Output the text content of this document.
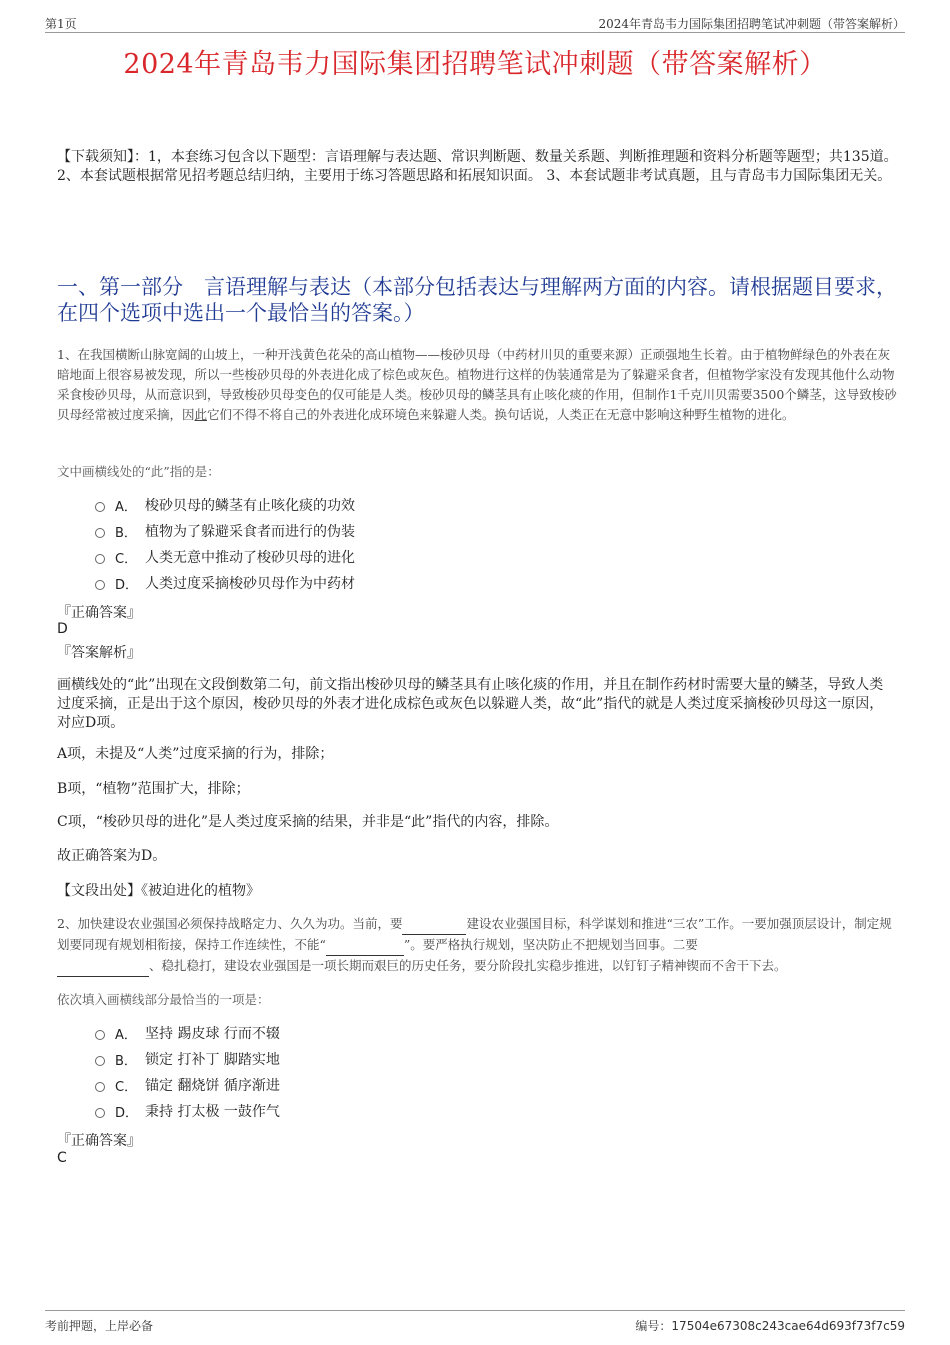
第1页	2024年青岛韦力国际集团招聘笔试冲刺题（带答案解析）
2024年青岛韦力国际集团招聘笔试冲刺题（带答案解析）
【下载须知】：1，本套练习包含以下题型：言语理解与表达题、常识判断题、数量关系题、判断推理题和资料分析题等题型；共135道。 2、本套试题根据常见招考题总结归纳，主要用于练习答题思路和拓展知识面。 3、本套试题非考试真题，且与青岛韦力国际集团无关。
一、第一部分　言语理解与表达（本部分包括表达与理解两方面的内容。请根据题目要求，在四个选项中选出一个最恰当的答案。）
1、在我国横断山脉宽阔的山坡上，一种开浅黄色花朵的高山植物——梭砂贝母（中药材川贝的重要来源）正顽强地生长着。由于植物鲜绿色的外表在灰暗地面上很容易被发现，所以一些梭砂贝母的外表进化成了棕色或灰色。植物进行这样的伪装通常是为了躲避采食者，但植物学家没有发现其他什么动物采食梭砂贝母，从而意识到，导致梭砂贝母变色的仅可能是人类。梭砂贝母的鳞茎具有止咳化痰的作用，但制作1千克川贝需要3500个鳞茎，这导致梭砂贝母经常被过度采摘，因此它们不得不将自己的外表进化成环境色来躲避人类。换句话说，人类正在无意中影响这种野生植物的进化。
文中画横线处的“此”指的是：
A． 梭砂贝母的鳞茎有止咳化痰的功效
B． 植物为了躲避采食者而进行的伪装
C． 人类无意中推动了梭砂贝母的进化
D． 人类过度采摘梭砂贝母作为中药材
『正确答案』
D
『答案解析』
画横线处的“此”出现在文段倒数第二句，前文指出梭砂贝母的鳞茎具有止咳化痰的作用，并且在制作药材时需要大量的鳞茎，导致人类过度采摘，正是出于这个原因，梭砂贝母的外表才进化成棕色或灰色以躲避人类，故“此”指代的就是人类过度采摘梭砂贝母这一原因，对应D项。
A项，未提及“人类”过度采摘的行为，排除；
B项，“植物”范围扩大，排除；
C项，“梭砂贝母的进化”是人类过度采摘的结果，并非是“此”指代的内容，排除。
故正确答案为D。
【文段出处】《被迫进化的植物》
2、加快建设农业强国必须保持战略定力、久久为功。当前，要	建设农业强国目标，科学谋划和推进“三农”工作。一要加强顶层设计，制定规划要同现有规划相衔接，保持工作连续性，不能“	”。要严格执行规划，坚决防止不把规划当回事。二要
、稳扎稳打，建设农业强国是一项长期而艰巨的历史任务，要分阶段扎实稳步推进，以钉钉子精神锲而不舍干下去。
依次填入画横线部分最恰当的一项是：
A． 坚持 踢皮球 行而不辍
B． 锁定 打补丁 脚踏实地
C． 锚定 翻烧饼 循序渐进
D． 秉持 打太极 一鼓作气
『正确答案』
C
考前押题，上岸必备	编号：17504e67308c243cae64d693f73f7c59
